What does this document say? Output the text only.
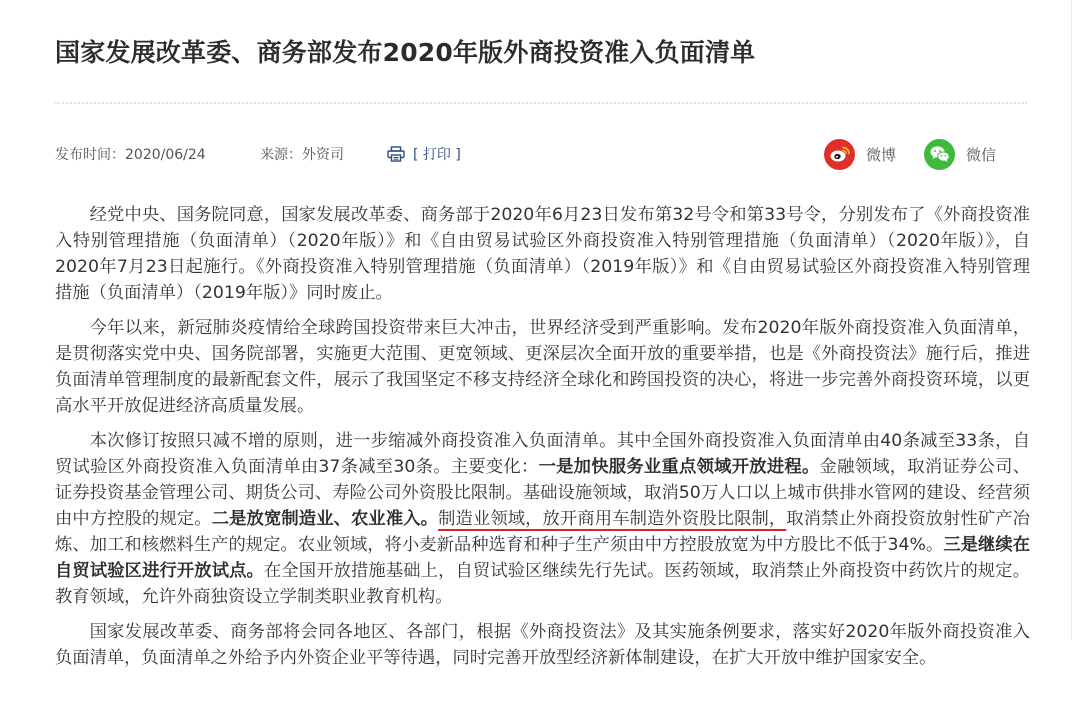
国家发展改革委、商务部发布2020年版外商投资准入负面清单
发布时间：2020/06/24	来源：外资司	[ 打印 ]	微博	微信

经党中央、国务院同意，国家发展改革委、商务部于2020年6月23日发布第32号令和第33号令，分别发布了《外商投资准入特别管理措施（负面清单）（2020年版）》和《自由贸易试验区外商投资准入特别管理措施（负面清单）（2020年版）》，自2020年7月23日起施行。《外商投资准入特别管理措施（负面清单）（2019年版）》和《自由贸易试验区外商投资准入特别管理措施（负面清单）（2019年版）》同时废止。

今年以来，新冠肺炎疫情给全球跨国投资带来巨大冲击，世界经济受到严重影响。发布2020年版外商投资准入负面清单，是贯彻落实党中央、国务院部署，实施更大范围、更宽领域、更深层次全面开放的重要举措，也是《外商投资法》施行后，推进负面清单管理制度的最新配套文件，展示了我国坚定不移支持经济全球化和跨国投资的决心，将进一步完善外商投资环境，以更高水平开放促进经济高质量发展。

本次修订按照只减不增的原则，进一步缩减外商投资准入负面清单。其中全国外商投资准入负面清单由40条减至33条，自贸试验区外商投资准入负面清单由37条减至30条。主要变化：一是加快服务业重点领域开放进程。金融领域，取消证券公司、证券投资基金管理公司、期货公司、寿险公司外资股比限制。基础设施领域，取消50万人口以上城市供排水管网的建设、经营须由中方控股的规定。二是放宽制造业、农业准入。制造业领域，放开商用车制造外资股比限制，取消禁止外商投资放射性矿产冶炼、加工和核燃料生产的规定。农业领域，将小麦新品种选育和种子生产须由中方控股放宽为中方股比不低于34%。三是继续在自贸试验区进行开放试点。在全国开放措施基础上，自贸试验区继续先行先试。医药领域，取消禁止外商投资中药饮片的规定。教育领域，允许外商独资设立学制类职业教育机构。

国家发展改革委、商务部将会同各地区、各部门，根据《外商投资法》及其实施条例要求，落实好2020年版外商投资准入负面清单，负面清单之外给予内外资企业平等待遇，同时完善开放型经济新体制建设，在扩大开放中维护国家安全。
